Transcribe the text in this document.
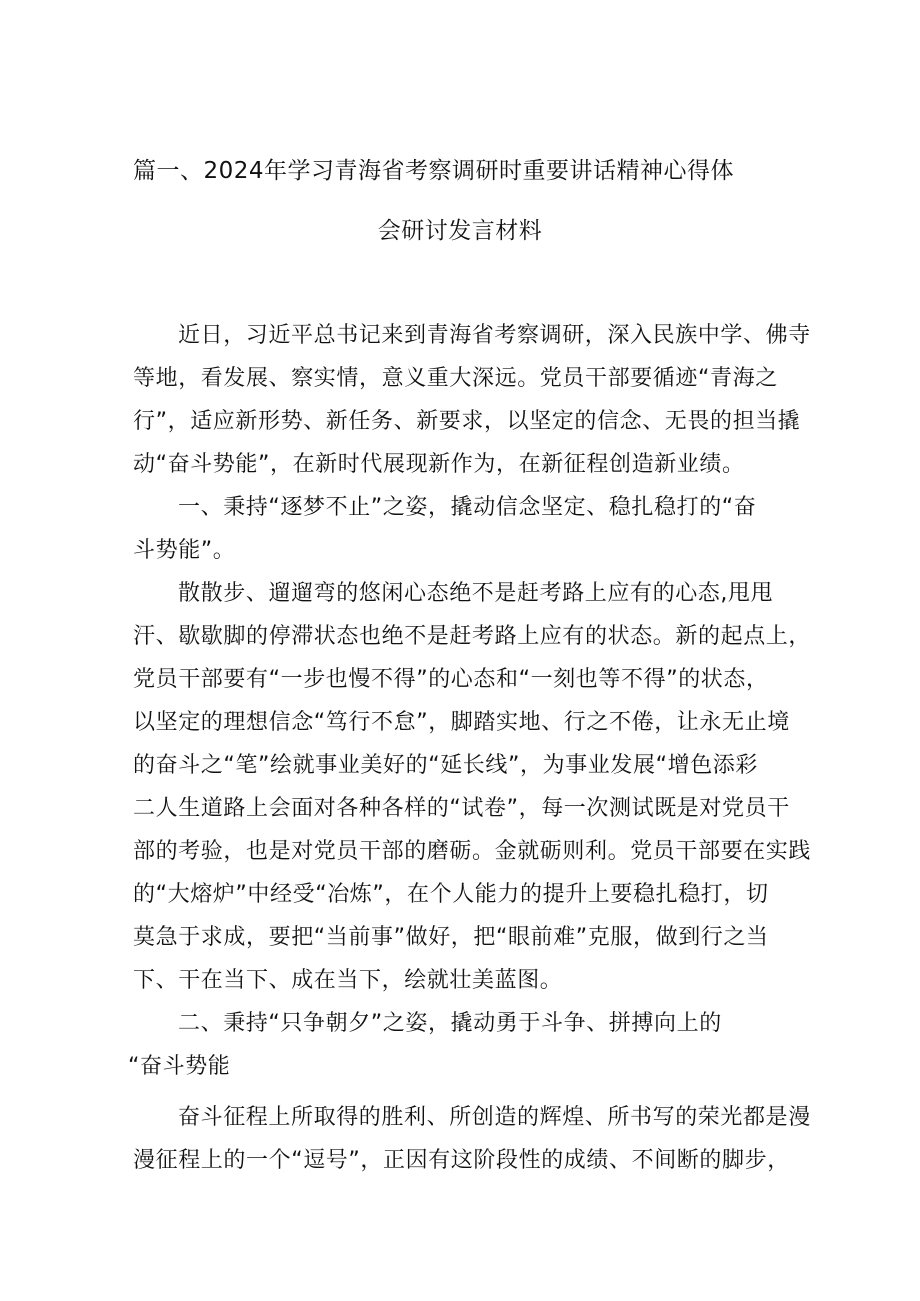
篇一、2024年学习青海省考察调研时重要讲话精神心得体
会研讨发言材料
近日，习近平总书记来到青海省考察调研，深入民族中学、佛寺
等地，看发展、察实情，意义重大深远。党员干部要循迹“青海之
行”，适应新形势、新任务、新要求，以坚定的信念、无畏的担当撬
动“奋斗势能”，在新时代展现新作为，在新征程创造新业绩。
一、秉持“逐梦不止”之姿，撬动信念坚定、稳扎稳打的“奋
斗势能”。
散散步、遛遛弯的悠闲心态绝不是赶考路上应有的心态,甩甩
汗、歇歇脚的停滞状态也绝不是赶考路上应有的状态。新的起点上，
党员干部要有“一步也慢不得”的心态和“一刻也等不得”的状态，
以坚定的理想信念“笃行不怠”，脚踏实地、行之不倦，让永无止境
的奋斗之“笔”绘就事业美好的“延长线”，为事业发展“增色添彩
二人生道路上会面对各种各样的“试卷”，每一次测试既是对党员干
部的考验，也是对党员干部的磨砺。金就砺则利。党员干部要在实践
的“大熔炉”中经受“冶炼”，在个人能力的提升上要稳扎稳打，切
莫急于求成，要把“当前事”做好，把“眼前难”克服，做到行之当
下、干在当下、成在当下，绘就壮美蓝图。
二、秉持“只争朝夕”之姿，撬动勇于斗争、拼搏向上的
“奋斗势能
奋斗征程上所取得的胜利、所创造的辉煌、所书写的荣光都是漫
漫征程上的一个“逗号”，正因有这阶段性的成绩、不间断的脚步，
